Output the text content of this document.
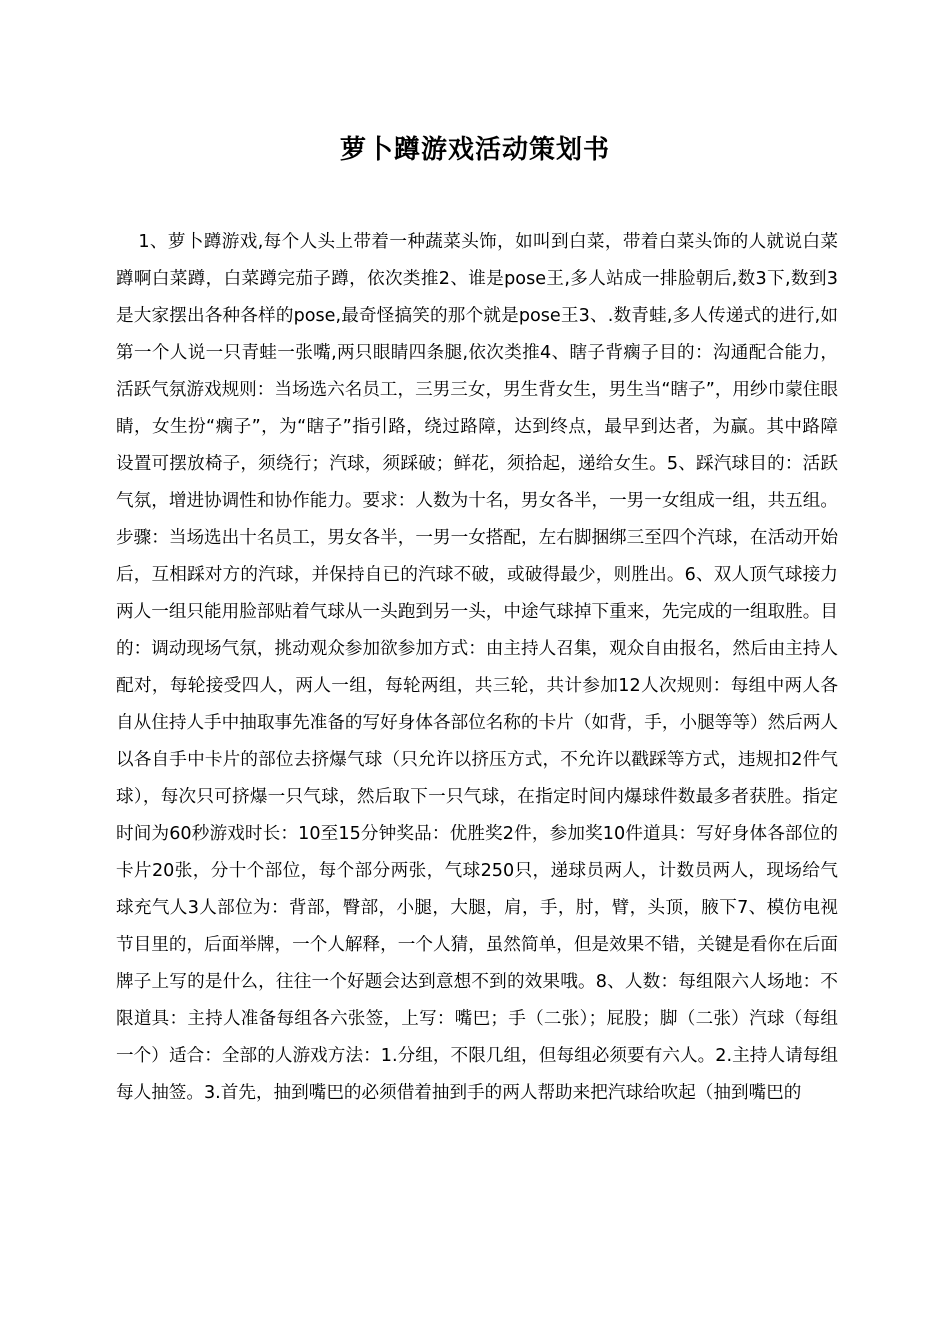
萝卜蹲游戏活动策划书

1、萝卜蹲游戏,每个人头上带着一种蔬菜头饰，如叫到白菜，带着白菜头饰的人就说白菜蹲啊白菜蹲，白菜蹲完茄子蹲，依次类推2、谁是pose王,多人站成一排脸朝后,数3下,数到3是大家摆出各种各样的pose,最奇怪搞笑的那个就是pose王3、.数青蛙,多人传递式的进行,如第一个人说一只青蛙一张嘴,两只眼睛四条腿,依次类推4、瞎子背瘸子目的：沟通配合能力，活跃气氛游戏规则：当场选六名员工，三男三女，男生背女生，男生当“瞎子”，用纱巾蒙住眼睛，女生扮“瘸子”，为“瞎子”指引路，绕过路障，达到终点，最早到达者，为赢。其中路障设置可摆放椅子，须绕行；汽球，须踩破；鲜花，须拾起，递给女生。5、踩汽球目的：活跃气氛，增进协调性和协作能力。要求：人数为十名，男女各半，一男一女组成一组，共五组。步骤：当场选出十名员工，男女各半，一男一女搭配，左右脚捆绑三至四个汽球，在活动开始后，互相踩对方的汽球，并保持自已的汽球不破，或破得最少，则胜出。6、双人顶气球接力两人一组只能用脸部贴着气球从一头跑到另一头，中途气球掉下重来，先完成的一组取胜。目的：调动现场气氛，挑动观众参加欲参加方式：由主持人召集，观众自由报名，然后由主持人配对，每轮接受四人，两人一组，每轮两组，共三轮，共计参加12人次规则：每组中两人各自从住持人手中抽取事先准备的写好身体各部位名称的卡片（如背，手，小腿等等）然后两人以各自手中卡片的部位去挤爆气球（只允许以挤压方式，不允许以戳踩等方式，违规扣2件气球），每次只可挤爆一只气球，然后取下一只气球，在指定时间内爆球件数最多者获胜。指定时间为60秒游戏时长：10至15分钟奖品：优胜奖2件，参加奖10件道具：写好身体各部位的卡片20张，分十个部位，每个部分两张，气球250只，递球员两人，计数员两人，现场给气球充气人3人部位为：背部，臀部，小腿，大腿，肩，手，肘，臂，头顶，腋下7、模仿电视节目里的，后面举牌，一个人解释，一个人猜，虽然简单，但是效果不错，关键是看你在后面牌子上写的是什么，往往一个好题会达到意想不到的效果哦。8、人数：每组限六人场地：不限道具：主持人准备每组各六张签，上写：嘴巴；手（二张）；屁股；脚（二张）汽球（每组一个）适合：全部的人游戏方法：1.分组，不限几组，但每组必须要有六人。2.主持人请每组每人抽签。3.首先，抽到嘴巴的必须借着抽到手的两人帮助来把汽球给吹起（抽到嘴巴的
